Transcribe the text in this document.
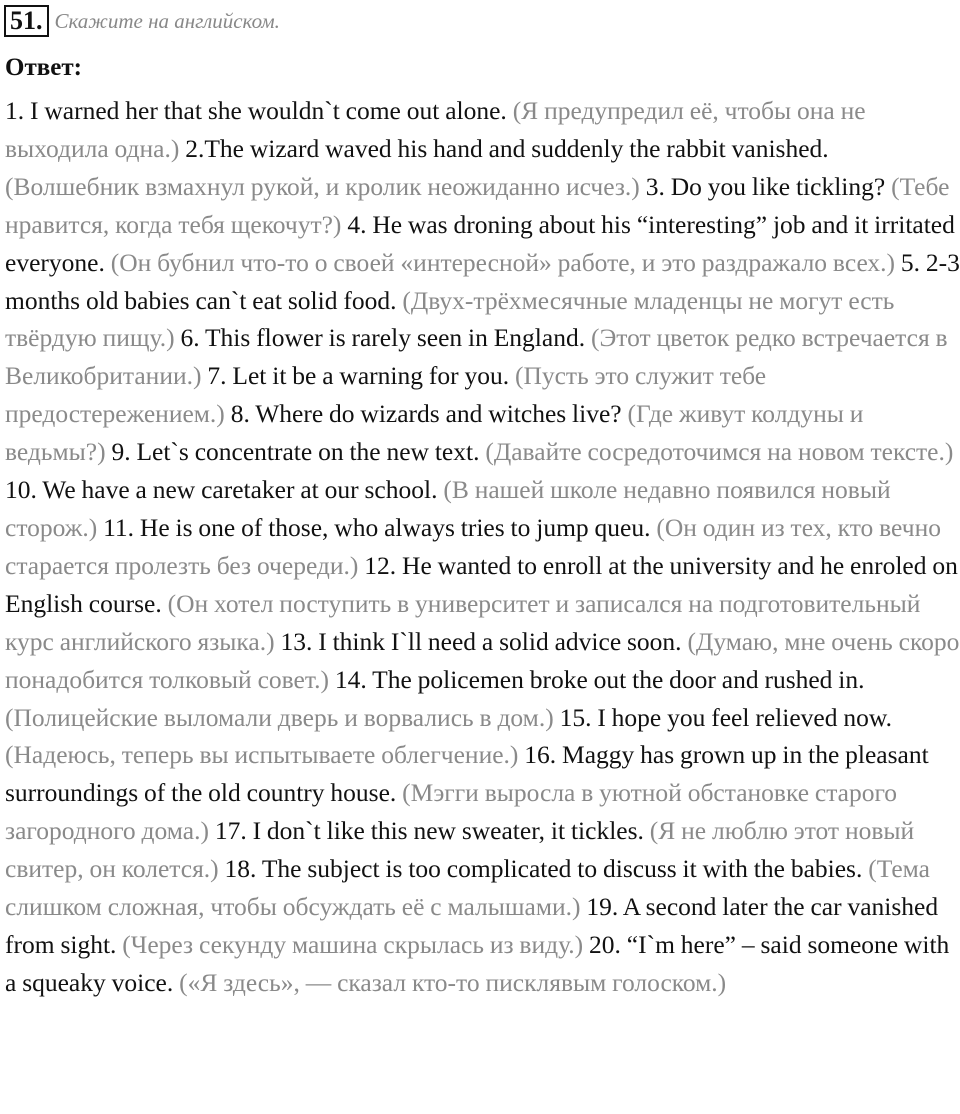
51. Скажите на английском.
Ответ:

1. I warned her that she wouldn`t come out alone. (Я предупредил её, чтобы она не выходила одна.) 2.The wizard waved his hand and suddenly the rabbit vanished. (Волшебник взмахнул рукой, и кролик неожиданно исчез.) 3. Do you like tickling? (Тебе нравится, когда тебя щекочут?) 4. He was droning about his “interesting” job and it irritated everyone. (Он бубнил что-то о своей «интересной» работе, и это раздражало всех.) 5. 2-3 months old babies can`t eat solid food. (Двух-трёхмесячные младенцы не могут есть твёрдую пищу.) 6. This flower is rarely seen in England. (Этот цветок редко встречается в Великобритании.) 7. Let it be a warning for you. (Пусть это служит тебе предостережением.) 8. Where do wizards and witches live? (Где живут колдуны и ведьмы?) 9. Let`s concentrate on the new text. (Давайте сосредоточимся на новом тексте.) 10. We have a new caretaker at our school. (В нашей школе недавно появился новый сторож.) 11. He is one of those, who always tries to jump queu. (Он один из тех, кто вечно старается пролезть без очереди.) 12. He wanted to enroll at the university and he enroled on English course. (Он хотел поступить в университет и записался на подготовительный курс английского языка.) 13. I think I`ll need a solid advice soon. (Думаю, мне очень скоро понадобится толковый совет.) 14. The policemen broke out the door and rushed in. (Полицейские выломали дверь и ворвались в дом.) 15. I hope you feel relieved now. (Надеюсь, теперь вы испытываете облегчение.) 16. Maggy has grown up in the pleasant surroundings of the old country house. (Мэгги выросла в уютной обстановке старого загородного дома.) 17. I don`t like this new sweater, it tickles. (Я не люблю этот новый свитер, он колется.) 18. The subject is too complicated to discuss it with the babies. (Тема слишком сложная, чтобы обсуждать её с малышами.) 19. A second later the car vanished from sight. (Через секунду машина скрылась из виду.) 20. “I`m here” – said someone with a squeaky voice. («Я здесь», — сказал кто-то писклявым голоском.)
